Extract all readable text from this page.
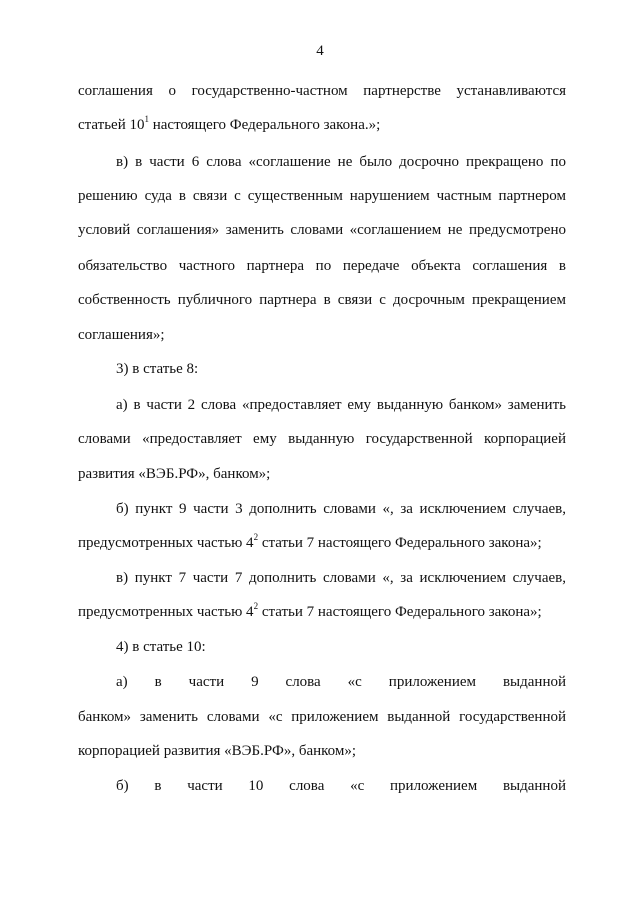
4
соглашения о государственно-частном партнерстве устанавливаются
статьей $10^1$ настоящего Федерального закона.»;
в) в части 6 слова «соглашение не было досрочно прекращено по
решению суда в связи с существенным нарушением частным партнером
условий соглашения» заменить словами «соглашением не предусмотрено
обязательство частного партнера по передаче объекта соглашения в
собственность публичного партнера в связи с досрочным прекращением
соглашения»;
3) в статье 8:
а) в части 2 слова «предоставляет ему выданную банком» заменить
словами «предоставляет ему выданную государственной корпорацией
развития «ВЭБ.РФ», банком»;
б) пункт 9 части 3 дополнить словами «, за исключением случаев,
предусмотренных частью $4^2$ статьи 7 настоящего Федерального закона»;
в) пункт 7 части 7 дополнить словами «, за исключением случаев,
предусмотренных частью $4^2$ статьи 7 настоящего Федерального закона»;
4) в статье 10:
а) в части 9 слова «с приложением выданной
банком» заменить словами «с приложением выданной государственной
корпорацией развития «ВЭБ.РФ», банком»;
б) в части 10 слова «с приложением выданной
